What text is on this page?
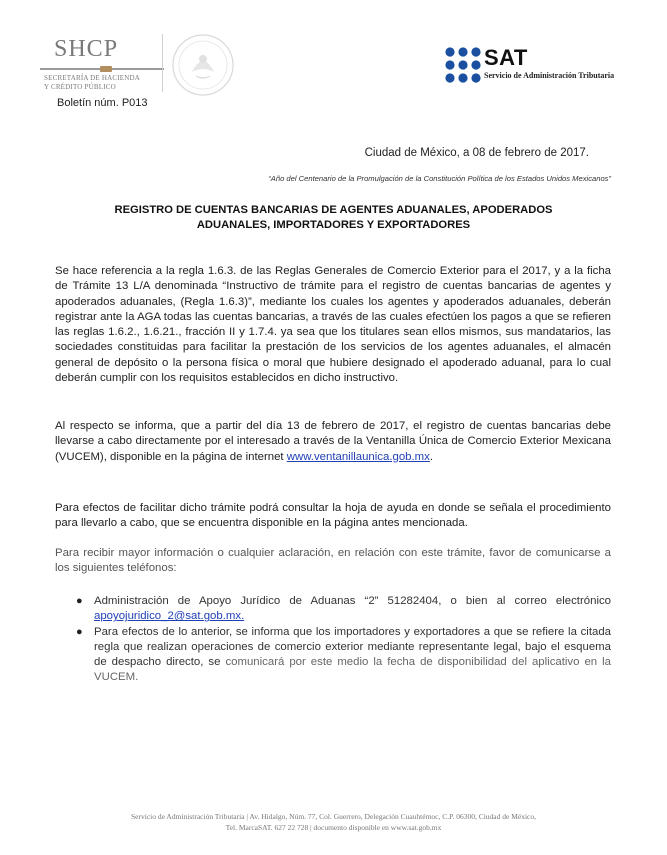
SHCP
SECRETARÍA DE HACIENDA
Y CRÉDITO PÚBLICO
SAT
Servicio de Administración Tributaria
Boletín núm. P013
Ciudad de México, a 08 de febrero de 2017.
“Año del Centenario de la Promulgación de la Constitución Política de los Estados Unidos Mexicanos”
REGISTRO DE CUENTAS BANCARIAS DE AGENTES ADUANALES, APODERADOS
ADUANALES, IMPORTADORES Y EXPORTADORES
Se hace referencia a la regla 1.6.3. de las Reglas Generales de Comercio Exterior para el 2017, y a la ficha de Trámite 13 L/A denominada “Instructivo de trámite para el registro de cuentas bancarias de agentes y apoderados aduanales, (Regla 1.6.3)”, mediante los cuales los agentes y apoderados aduanales, deberán registrar ante la AGA todas las cuentas bancarias, a través de las cuales efectúen los pagos a que se refieren las reglas 1.6.2., 1.6.21., fracción II y 1.7.4. ya sea que los titulares sean ellos mismos, sus mandatarios, las sociedades constituidas para facilitar la prestación de los servicios de los agentes aduanales, el almacén general de depósito o la persona física o moral que hubiere designado el apoderado aduanal, para lo cual deberán cumplir con los requisitos establecidos en dicho instructivo.
Al respecto se informa, que a partir del día 13 de febrero de 2017, el registro de cuentas bancarias debe llevarse a cabo directamente por el interesado a través de la Ventanilla Única de Comercio Exterior Mexicana (VUCEM), disponible en la página de internet www.ventanillaunica.gob.mx.
Para efectos de facilitar dicho trámite podrá consultar la hoja de ayuda en donde se señala el procedimiento para llevarlo a cabo, que se encuentra disponible en la página antes mencionada.
Para recibir mayor información o cualquier aclaración, en relación con este trámite, favor de comunicarse a los siguientes teléfonos:
● Administración de Apoyo Jurídico de Aduanas “2” 51282404, o bien al correo electrónico apoyojuridico_2@sat.gob.mx.
● Para efectos de lo anterior, se informa que los importadores y exportadores a que se refiere la citada regla que realizan operaciones de comercio exterior mediante representante legal, bajo el esquema de despacho directo, se comunicará por este medio la fecha de disponibilidad del aplicativo en la VUCEM.
Servicio de Administración Tributaria | Av. Hidalgo, Núm. 77, Col. Guerrero, Delegación Cuauhtémoc, C.P. 06300, Ciudad de México,
Tel. MarcaSAT. 627 22 728 | documento disponible en www.sat.gob.mx
